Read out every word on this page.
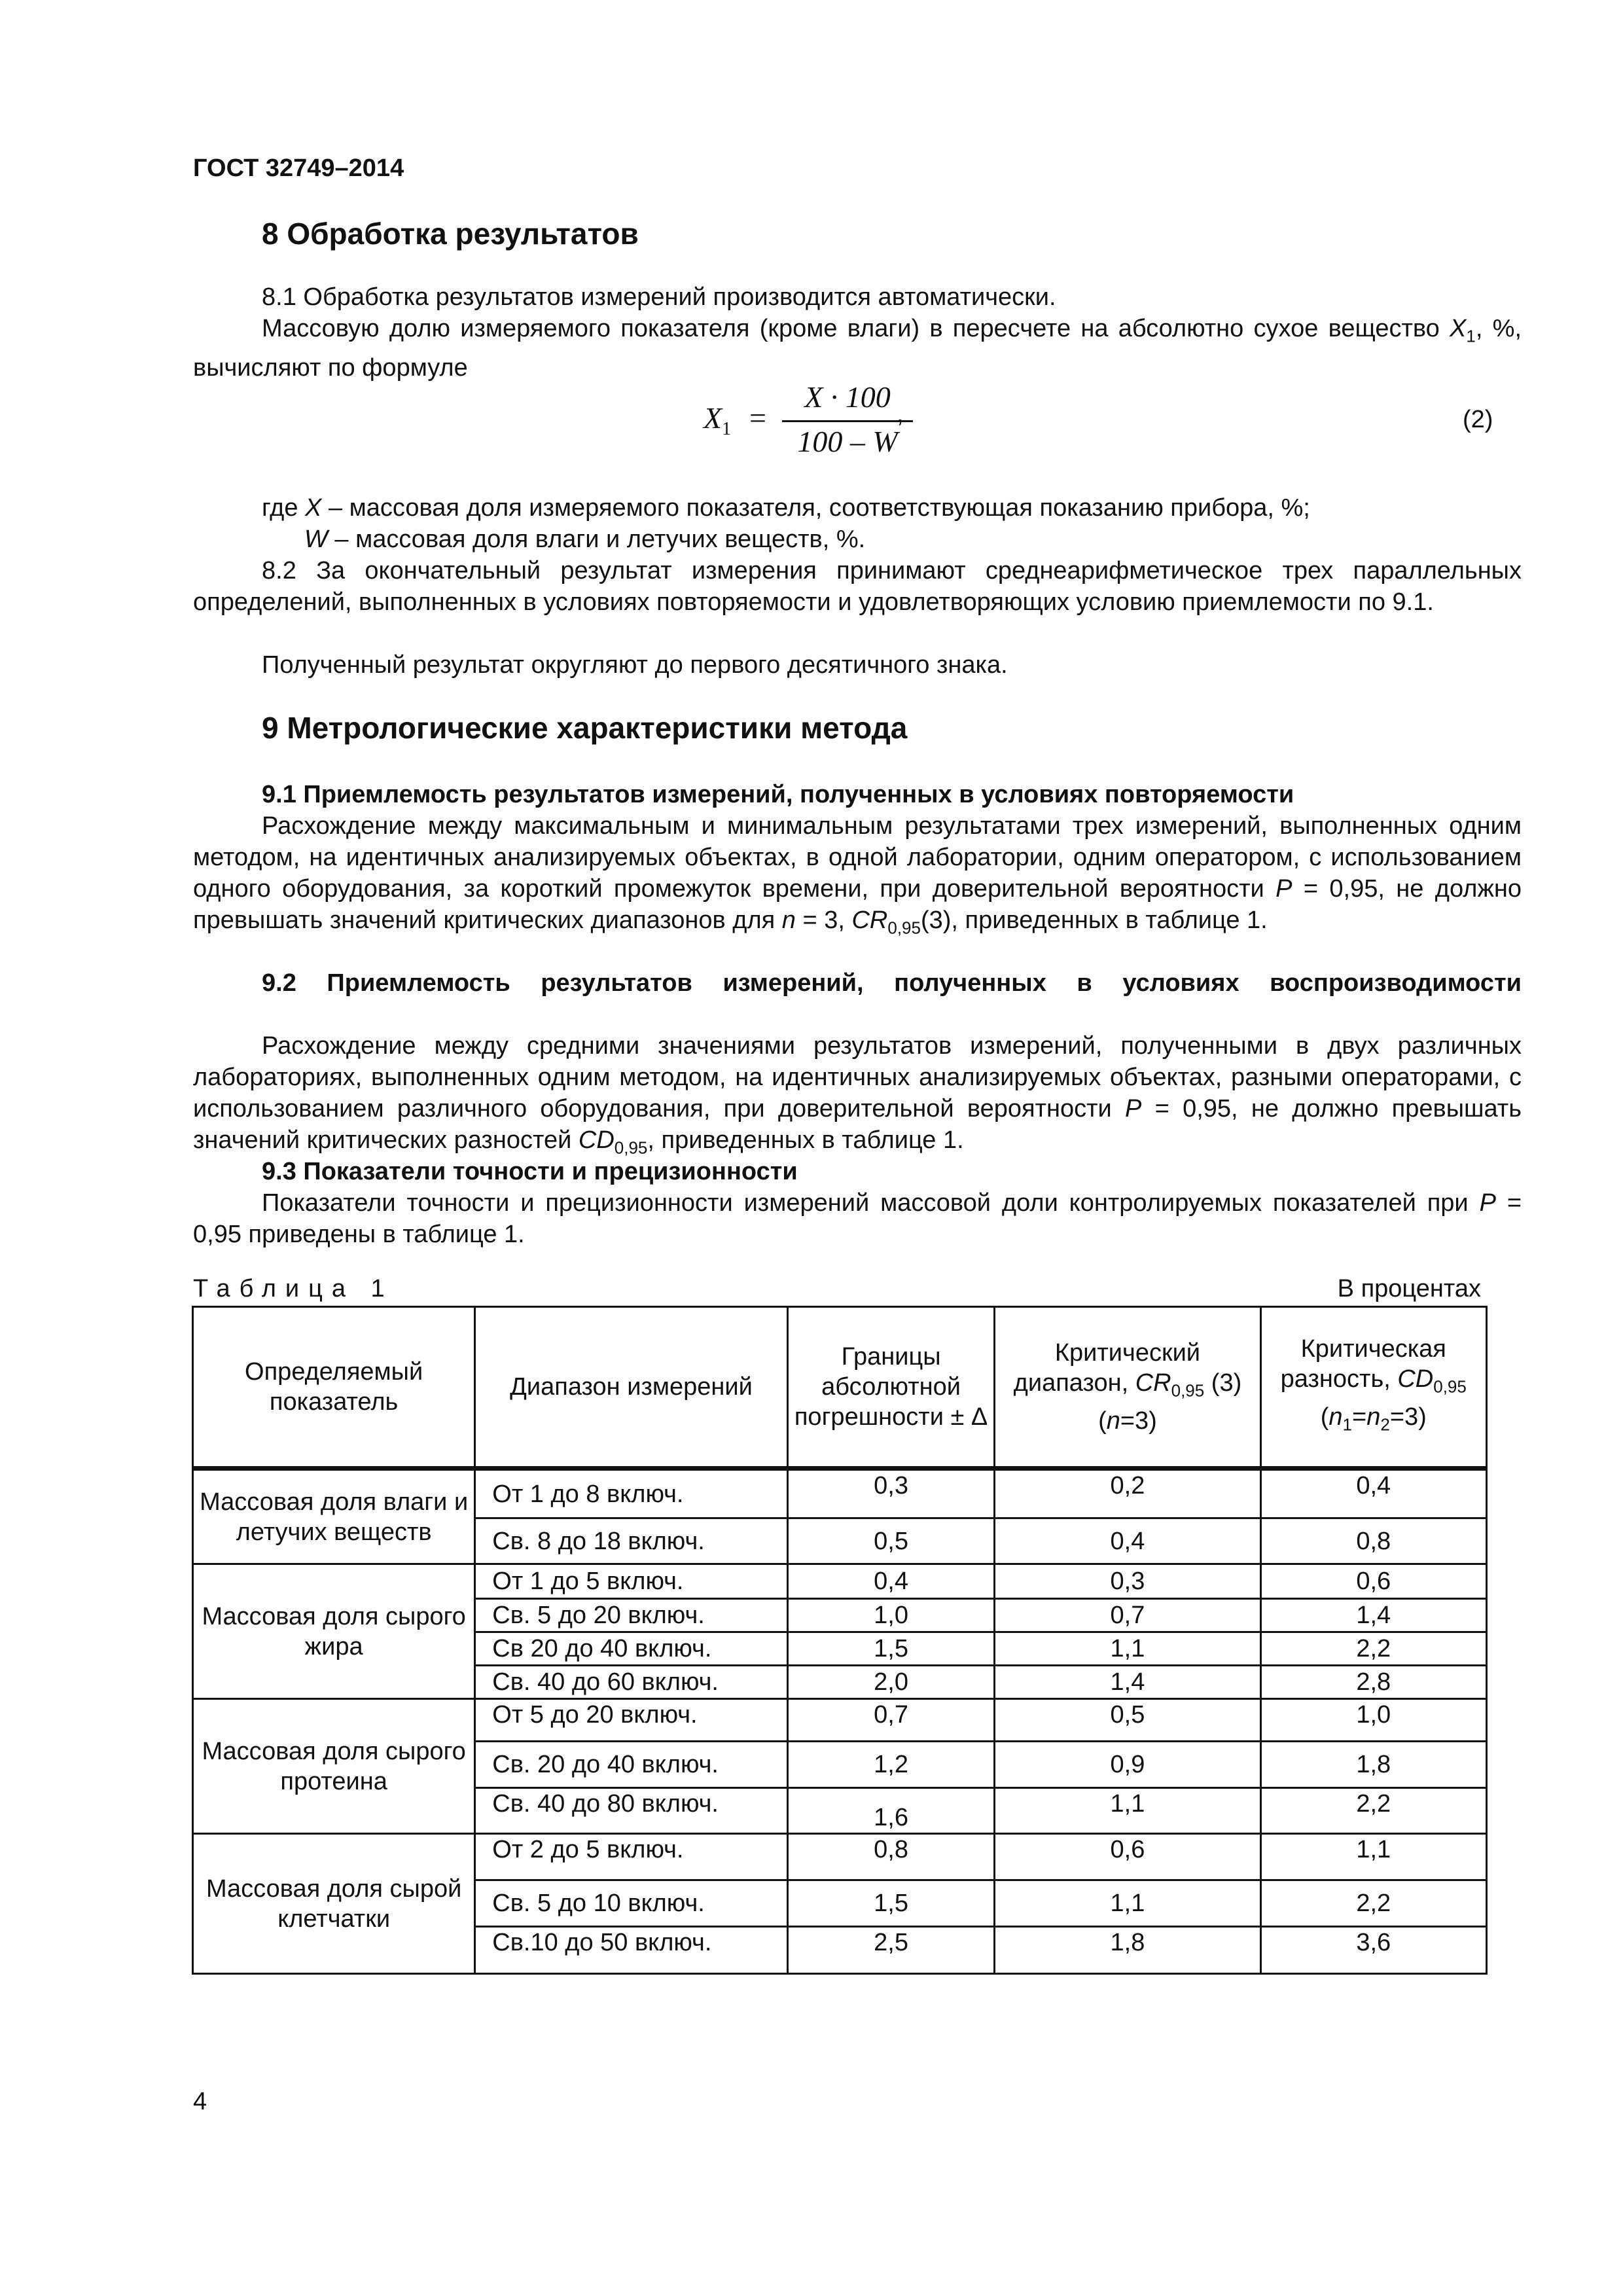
ГОСТ 32749–2014
8 Обработка результатов

8.1 Обработка результатов измерений производится автоматически.

Массовую долю измеряемого показателя (кроме влаги) в пересчете на абсолютно сухое вещество $X_1$, %, вычисляют по формуле

$X_1$ =
X · 100
100 – W
,	(2)

где X – массовая доля измеряемого показателя, соответствующая показанию прибора, %;

W – массовая доля влаги и летучих веществ, %.

8.2 За окончательный результат измерения принимают среднеарифметическое трех параллельных определений, выполненных в условиях повторяемости и удовлетворяющих условию приемлемости по 9.1.

Полученный результат округляют до первого десятичного знака.

9 Метрологические характеристики метода

9.1 Приемлемость результатов измерений, полученных в условиях повторяемости

Расхождение между максимальным и минимальным результатами трех измерений, выполненных одним методом, на идентичных анализируемых объектах, в одной лаборатории, одним оператором, с использованием одного оборудования, за короткий промежуток времени, при доверительной вероятности P = 0,95, не должно превышать значений критических диапазонов для n = 3, $CR_{0,95}(3)$, приведенных в таблице 1.

9.2 Приемлемость результатов измерений, полученных в условиях воспроизводимости

Расхождение между средними значениями результатов измерений, полученными в двух различных лабораториях, выполненных одним методом, на идентичных анализируемых объектах, разными операторами, с использованием различного оборудования, при доверительной вероятности P = 0,95, не должно превышать значений критических разностей $CD_{0,95}$, приведенных в таблице 1.

9.3 Показатели точности и прецизионности

Показатели точности и прецизионности измерений массовой доли контролируемых показателей при P = 0,95 приведены в таблице 1.

Таблица 1	В процентах
Определяемый показатель	Диапазон измерений	Границы абсолютной погрешности ± Δ	Критический диапазон, $CR_{0,95}$ (3)
(n=3)	Критическая разность, $CD_{0,95}$ $(n_1=n_2=3)$
Массовая доля влаги и летучих веществ	От 1 до 8 включ.	0,3	0,2	0,4
	Св. 8 до 18 включ.	0,5	0,4	0,8
Массовая доля сырого жира	От 1 до 5 включ.	0,4	0,3	0,6
	Св. 5 до 20 включ.	1,0	0,7	1,4
	Св 20 до 40 включ.	1,5	1,1	2,2
	Св. 40 до 60 включ.	2,0	1,4	2,8
Массовая доля сырого протеина	От 5 до 20 включ.	0,7	0,5	1,0
	Св. 20 до 40 включ.	1,2	0,9	1,8
	Св. 40 до 80 включ.	1,6	1,1	2,2
Массовая доля сырой клетчатки	От 2 до 5 включ.	0,8	0,6	1,1
	Св. 5 до 10 включ.	1,5	1,1	2,2
	Св.10 до 50 включ.	2,5	1,8	3,6
4
